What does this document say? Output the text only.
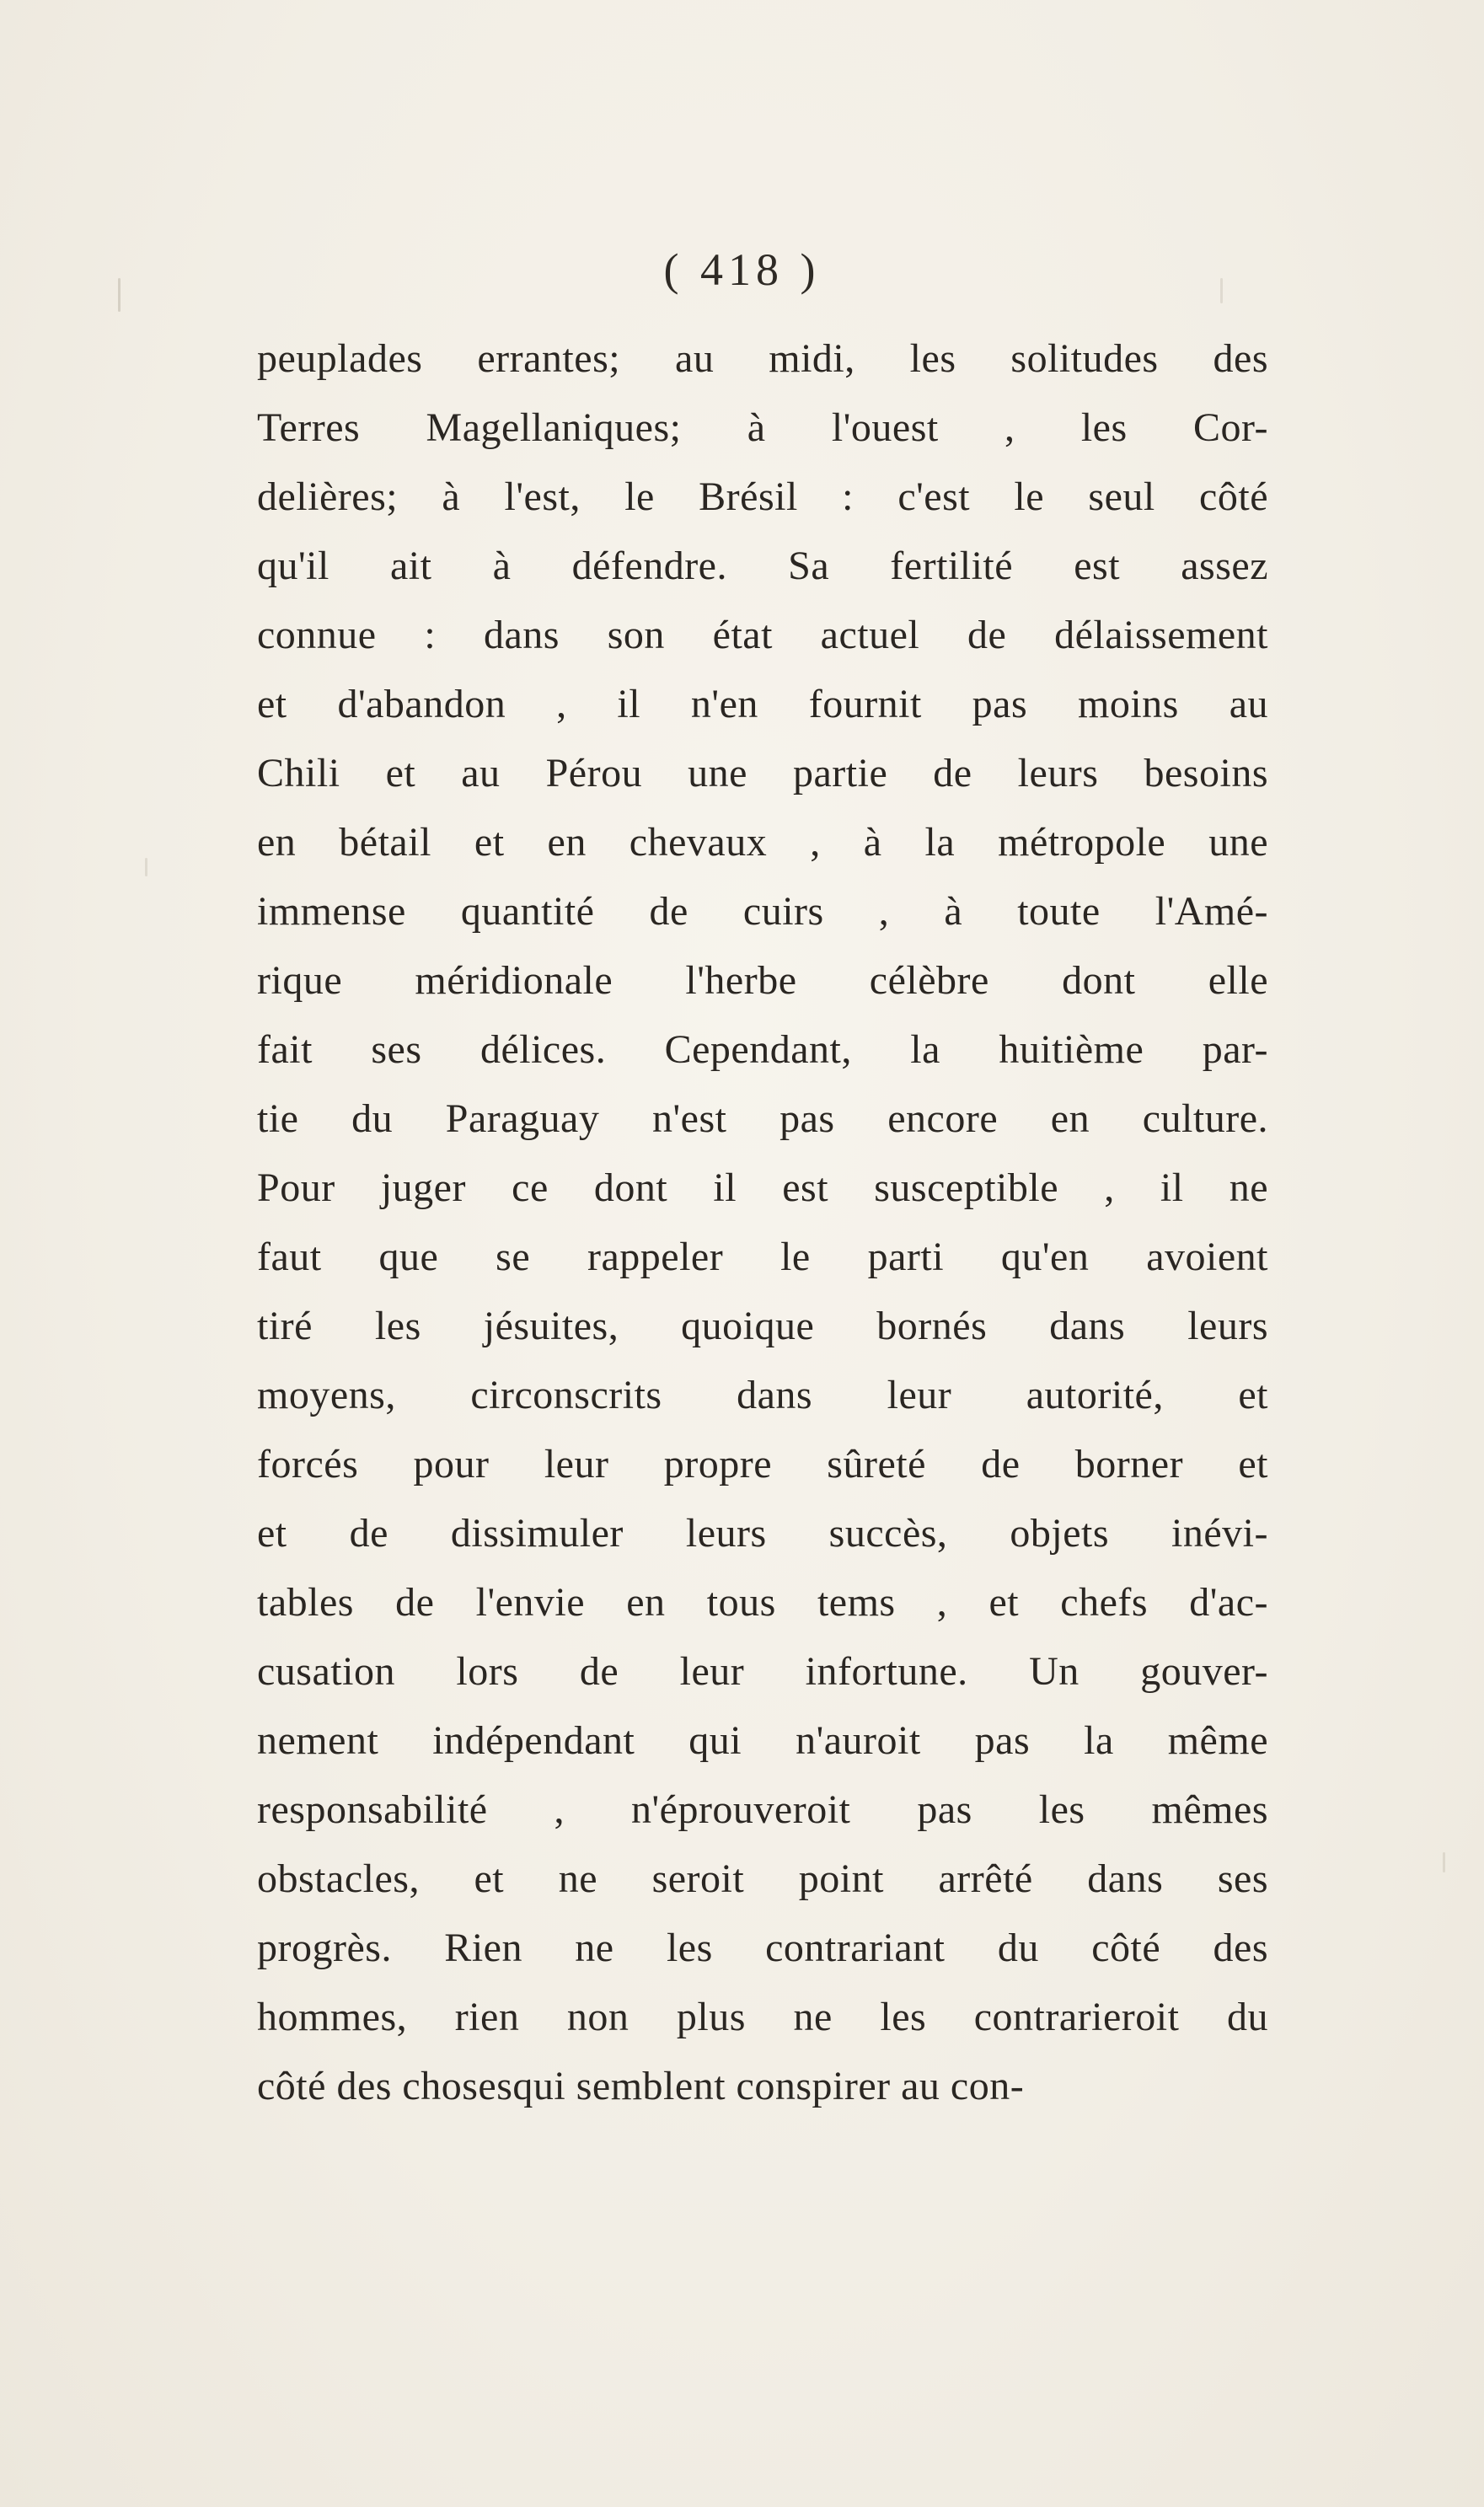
( 418 )
peuplades errantes; au midi, les solitudes des
Terres Magellaniques; à l'ouest , les Cor-
delières; à l'est, le Brésil : c'est le seul côté
qu'il ait à défendre. Sa fertilité est assez
connue : dans son état actuel de délaissement
et d'abandon , il n'en fournit pas moins au
Chili et au Pérou une partie de leurs besoins
en bétail et en chevaux , à la métropole une
immense quantité de cuirs , à toute l'Amé-
rique méridionale l'herbe célèbre dont elle
fait ses délices. Cependant, la huitième par-
tie du Paraguay n'est pas encore en culture.
Pour juger ce dont il est susceptible , il ne
faut que se rappeler le parti qu'en avoient
tiré les jésuites, quoique bornés dans leurs
moyens, circonscrits dans leur autorité, et
forcés pour leur propre sûreté de borner et
et de dissimuler leurs succès, objets inévi-
tables de l'envie en tous tems , et chefs d'ac-
cusation lors de leur infortune. Un gouver-
nement indépendant qui n'auroit pas la même
responsabilité , n'éprouveroit pas les mêmes
obstacles, et ne seroit point arrêté dans ses
progrès. Rien ne les contrariant du côté des
hommes, rien non plus ne les contrarieroit du
côté des chosesqui semblent conspirer au con-
